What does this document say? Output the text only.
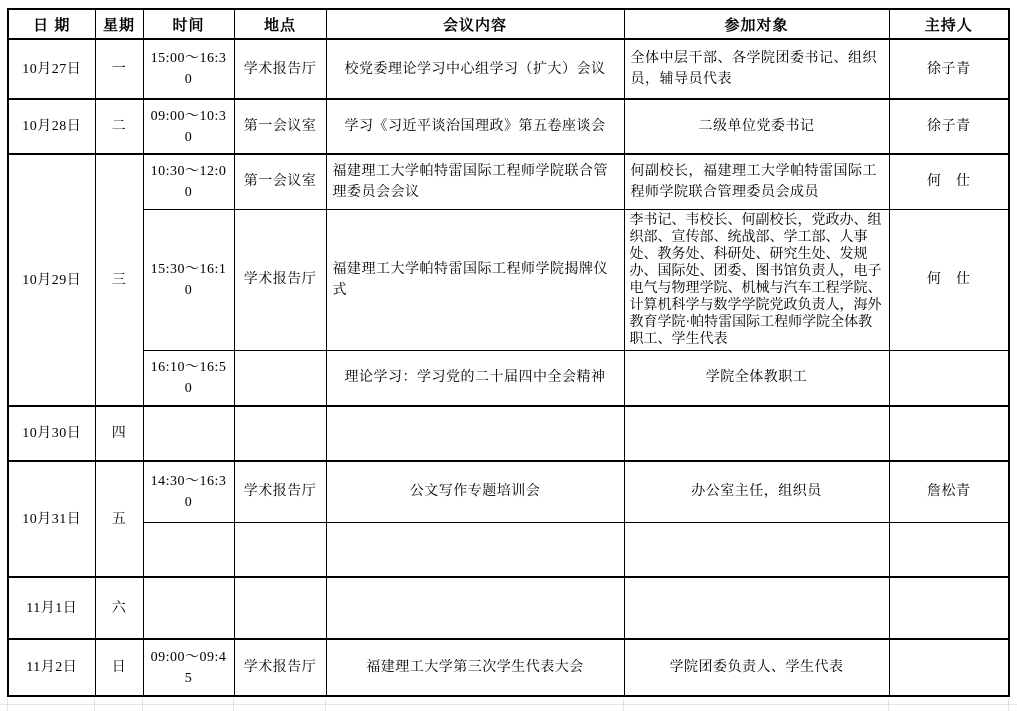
日 期	星期	时间	地点	会议内容	参加对象	主持人
10月27日	一	15:00～16:30	学术报告厅	校党委理论学习中心组学习（扩大）会议	全体中层干部、各学院团委书记、组织员，辅导员代表	徐子青
10月28日	二	09:00～10:30	第一会议室	学习《习近平谈治国理政》第五卷座谈会	二级单位党委书记	徐子青
10月29日	三	10:30～12:00	第一会议室	福建理工大学帕特雷国际工程师学院联合管理委员会会议	何副校长，福建理工大学帕特雷国际工程师学院联合管理委员会成员	何　仕
		15:30～16:10	学术报告厅	福建理工大学帕特雷国际工程师学院揭牌仪式	李书记、韦校长、何副校长，党政办、组织部、宣传部、统战部、学工部、人事处、教务处、科研处、研究生处、发规办、国际处、团委、图书馆负责人，电子电气与物理学院、机械与汽车工程学院、计算机科学与数学学院党政负责人，海外教育学院·帕特雷国际工程师学院全体教职工、学生代表	何　仕
		16:10～16:50		理论学习：学习党的二十届四中全会精神	学院全体教职工	
10月30日	四					
10月31日	五	14:30～16:30	学术报告厅	公文写作专题培训会	办公室主任，组织员	詹松青

11月1日	六					
11月2日	日	09:00～09:45	学术报告厅	福建理工大学第三次学生代表大会	学院团委负责人、学生代表	
